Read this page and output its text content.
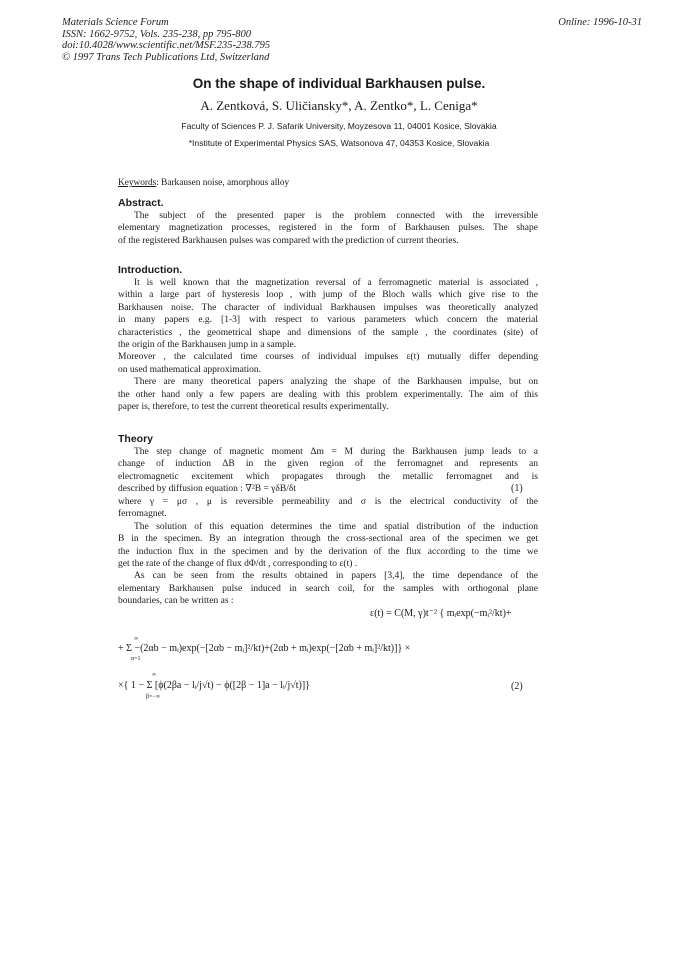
Materials Science Forum
ISSN: 1662-9752, Vols. 235-238, pp 795-800
doi:10.4028/www.scientific.net/MSF.235-238.795
© 1997 Trans Tech Publications Ltd, Switzerland
Online: 1996-10-31
On the shape of individual Barkhausen pulse.
A. Zentková, S. Uličiansky*, A. Zentko*, L. Ceniga*
Faculty of Sciences P. J. Safarik University, Moyzesova 11, 04001 Kosice, Slovakia
*Institute of Experimental Physics SAS, Watsonova 47, 04353 Kosice, Slovakia
Keywords: Barkausen noise, amorphous alloy
Abstract.
The subject of the presented paper is the problem connected with the irreversible
elementary magnetization processes, registered in the form of Barkhausen pulses. The shape
of the registered Barkhausen pulses was compared with the prediction of current theories.
Introduction.
It is well known that the magnetization reversal of a ferromagnetic material is associated ,
within a large part of hysteresis loop , with jump of the Bloch walls which give rise to the
Barkhausen noise. The character of individual Barkhausen impulses was theoretically analyzed
in many papers e.g. [1-3] with respect to various parameters which concern the material
characteristics , the geometrical shape and dimensions of the sample , the coordinates (site) of
the origin of the Barkhausen jump in a sample.
Moreover , the calculated time courses of individual impulses ε(t) mutually differ depending
on used mathematical approximation.
There are many theoretical papers analyzing the shape of the Barkhausen impulse, but on
the other hand only a few papers are dealing with this problem experimentally. The aim of this
paper is, therefore, to test the current theoretical results experimentally.
Theory
The step change of magnetic moment Δm = M during the Barkhausen jump leads to a
change of induction ΔB in the given region of the ferromagnet and represents an
electromagnetic excitement which propagates through the metallic ferromagnet and is
described by diffusion equation : ∇²B = γδB/δt	(1)
where γ = μσ , μ is reversible permeability and σ is the electrical conductivity of the
ferromagnet.
The solution of this equation determines the time and spatial distribution of the induction
B in the specimen. By an integration through the cross-sectional area of the specimen we get
the induction flux in the specimen and by the derivation of the flux according to the time we
get the rate of the change of flux dΦ/dt , corresponding to ε(t) .
As can be seen from the results obtained in papers [3,4], the time dependance of the
elementary Barkhausen pulse induced in search coil, for the samples with orthogonal plane
boundaries, can be written as :
ε(t) = C(M, γ)t⁻² { mᵢexp(−mᵢ²/kt)+
∞
+ Σ −(2αb − mᵢ)exp(−[2αb − mᵢ]²/kt)+(2αb + mᵢ)exp(−[2αb + mᵢ]²/kt)]} ×
α=1
∞
×{ 1 − Σ [ϕ(2βa − lᵢ/j√t) − ϕ([2β − 1]a − lᵢ/j√t)]}
β=−∞
(2)
